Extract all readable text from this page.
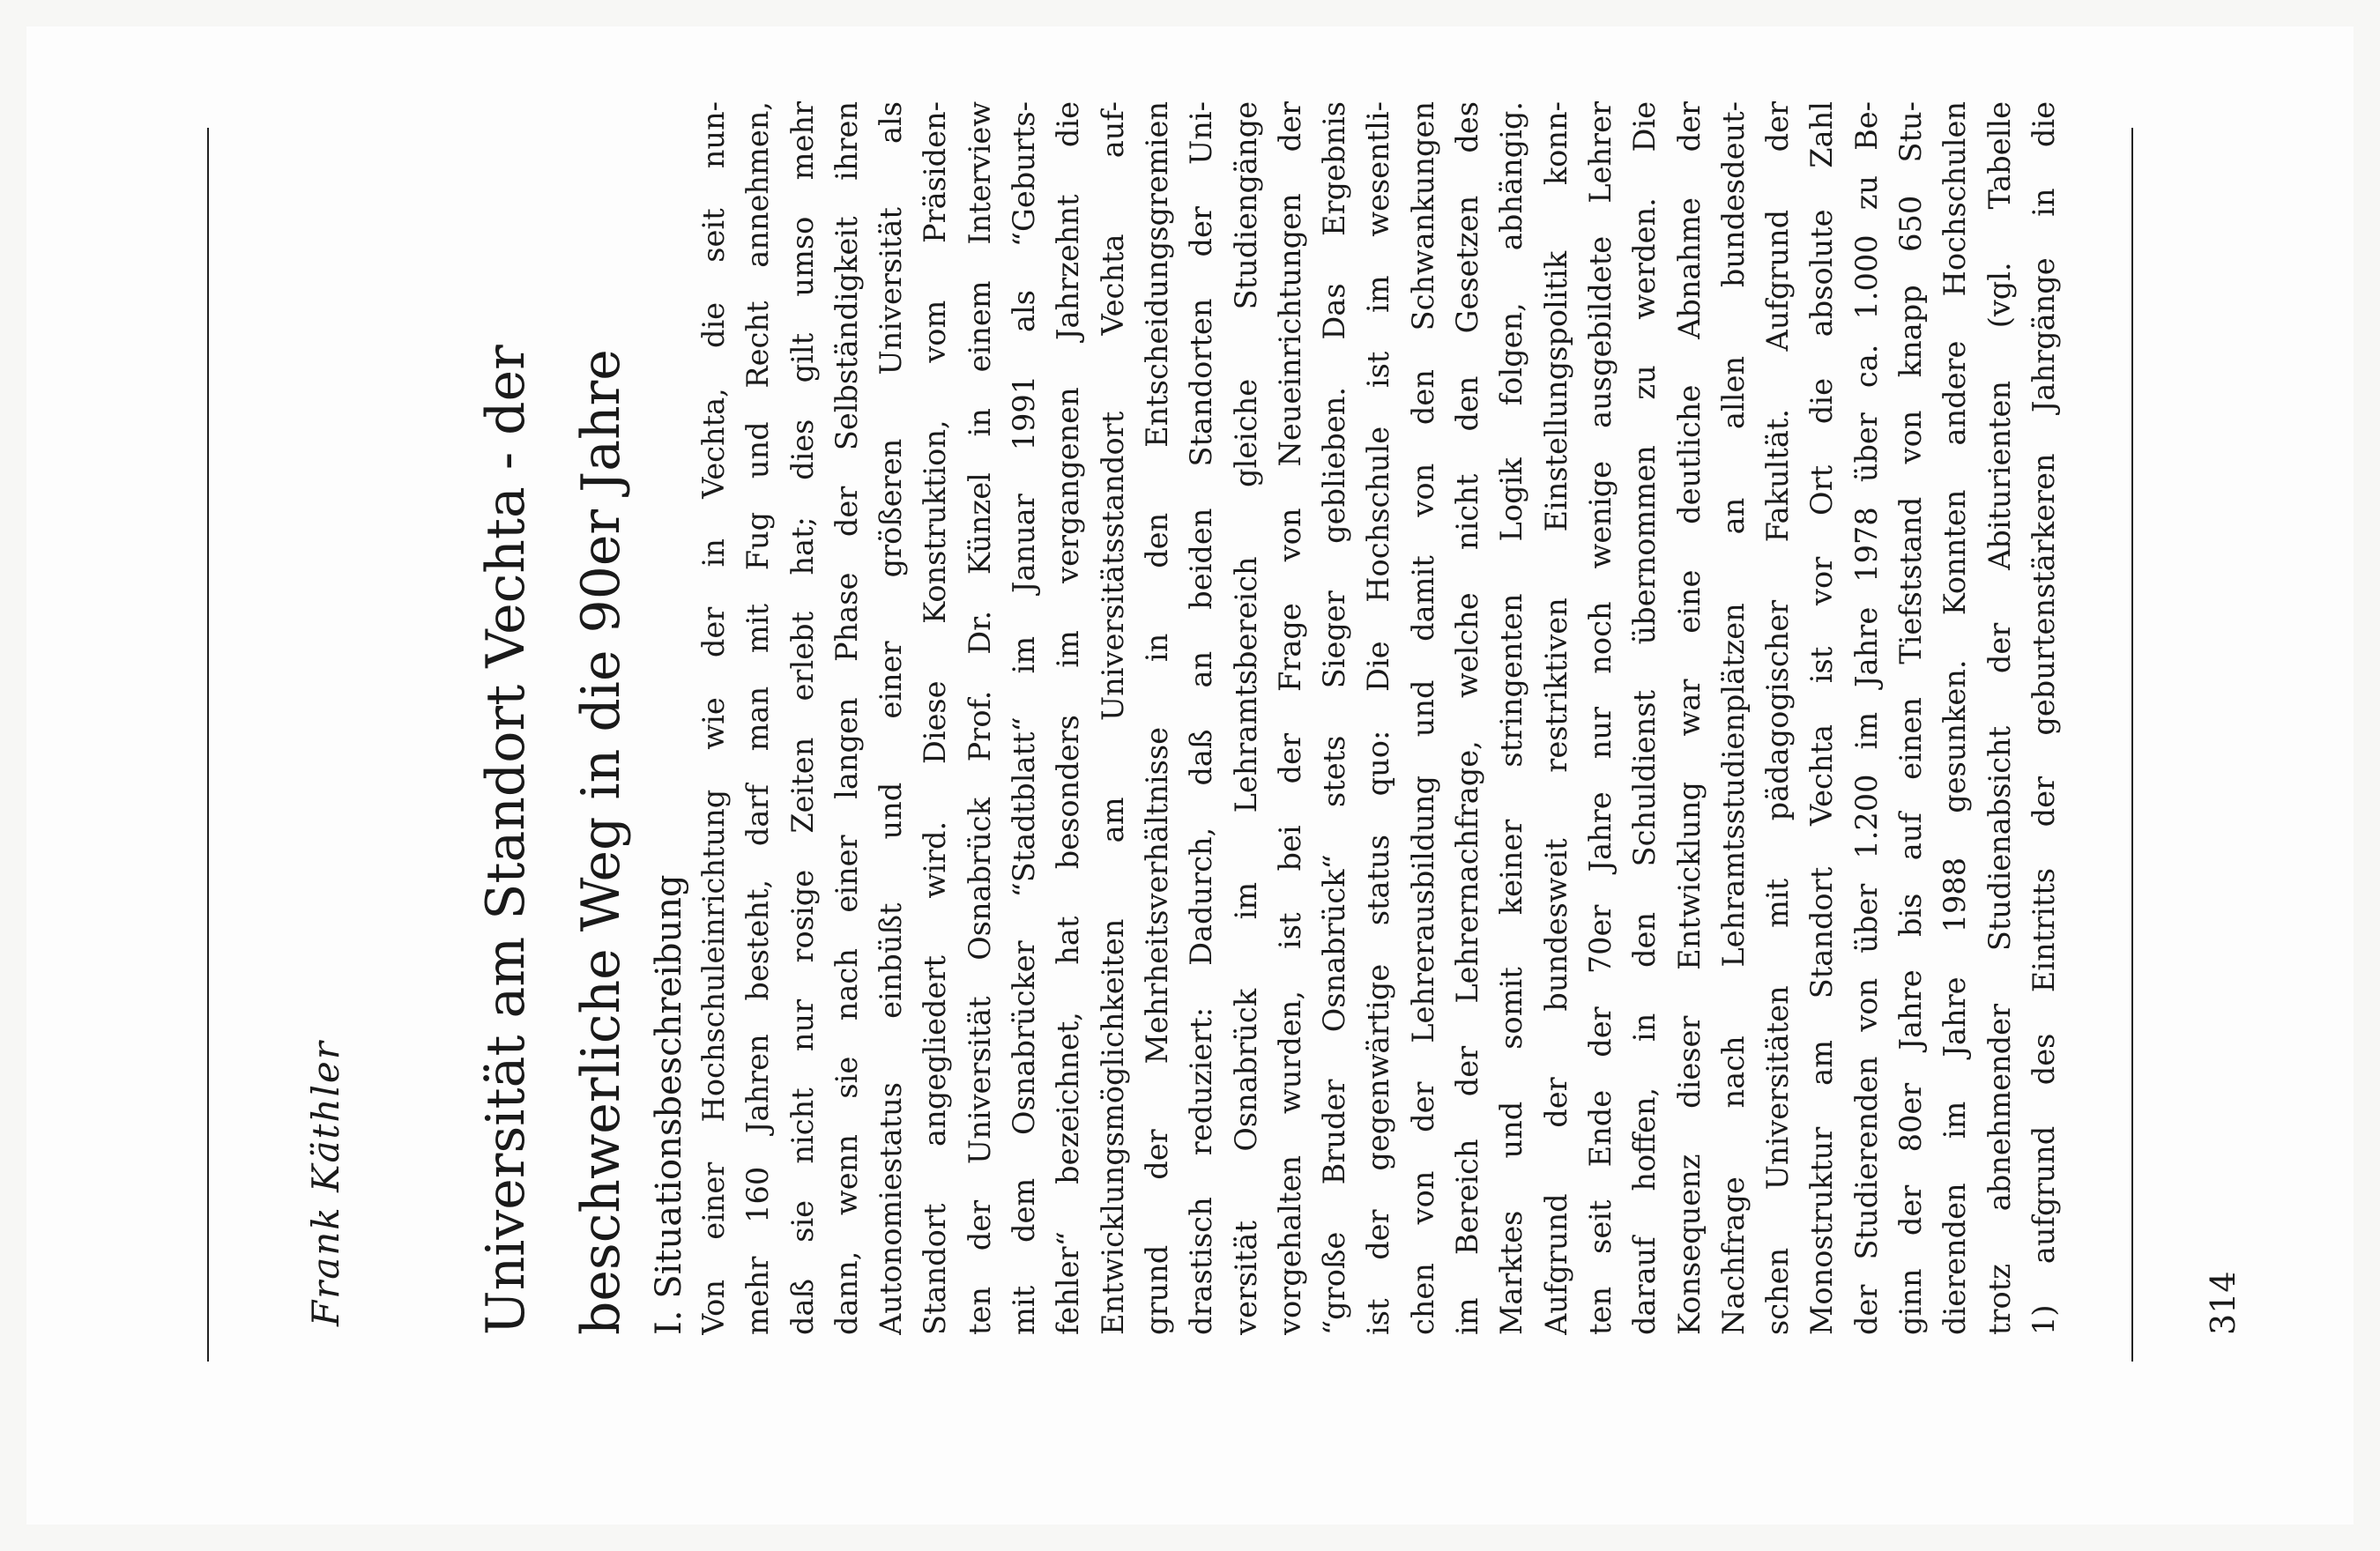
Frank Käthler	Universität am Standort Vechta - der beschwerliche Weg in die 90er Jahre I. Situationsbeschreibung Von einer Hochschuleinrichtung wie der in Vechta, die seit nun- mehr 160 Jahren besteht, darf man mit Fug und Recht annehmen, daß sie nicht nur rosige Zeiten erlebt hat; dies gilt umso mehr dann, wenn sie nach einer langen Phase der Selbständigkeit ihren Autonomiestatus einbüßt und einer größeren Universität als Standort angegliedert wird. Diese Konstruktion, vom Präsiden- ten der Universität Osnabrück Prof. Dr. Künzel in einem Interview mit dem Osnabrücker “Stadtblatt“ im Januar 1991 als “Geburts- fehler“ bezeichnet, hat besonders im vergangenen Jahrzehnt die Entwicklungsmöglichkeiten am Universitätsstandort Vechta auf- grund der Mehrheitsverhältnisse in den Entscheidungsgremien drastisch reduziert: Dadurch, daß an beiden Standorten der Uni- versität Osnabrück im Lehramtsbereich gleiche Studiengänge vorgehalten wurden, ist bei der Frage von Neueinrichtungen der “große Bruder Osnabrück“ stets Sieger geblieben. Das Ergebnis ist der gegenwärtige status quo: Die Hochschule ist im wesentli- chen von der Lehrerausbildung und damit von den Schwankungen im Bereich der Lehrernachfrage, welche nicht den Gesetzen des Marktes und somit keiner stringenten Logik folgen, abhängig. Aufgrund der bundesweit restriktiven Einstellungspolitik konn- ten seit Ende der 70er Jahre nur noch wenige ausgebildete Lehrer darauf hoffen, in den Schuldienst übernommen zu werden. Die Konsequenz dieser Entwicklung war eine deutliche Abnahme der Nachfrage nach Lehramtsstudienplätzen an allen bundesdeut- schen Universitäten mit pädagogischer Fakultät. Aufgrund der Monostruktur am Standort Vechta ist vor Ort die absolute Zahl der Studierenden von über 1.200 im Jahre 1978 über ca. 1.000 zu Be- ginn der 80er Jahre bis auf einen Tiefststand von knapp 650 Stu- dierenden im Jahre 1988 gesunken. Konnten andere Hochschulen trotz abnehmender Studienabsicht der Abiturienten (vgl. Tabelle 1) aufgrund des Eintritts der geburtenstärkeren Jahrgänge in die	314
